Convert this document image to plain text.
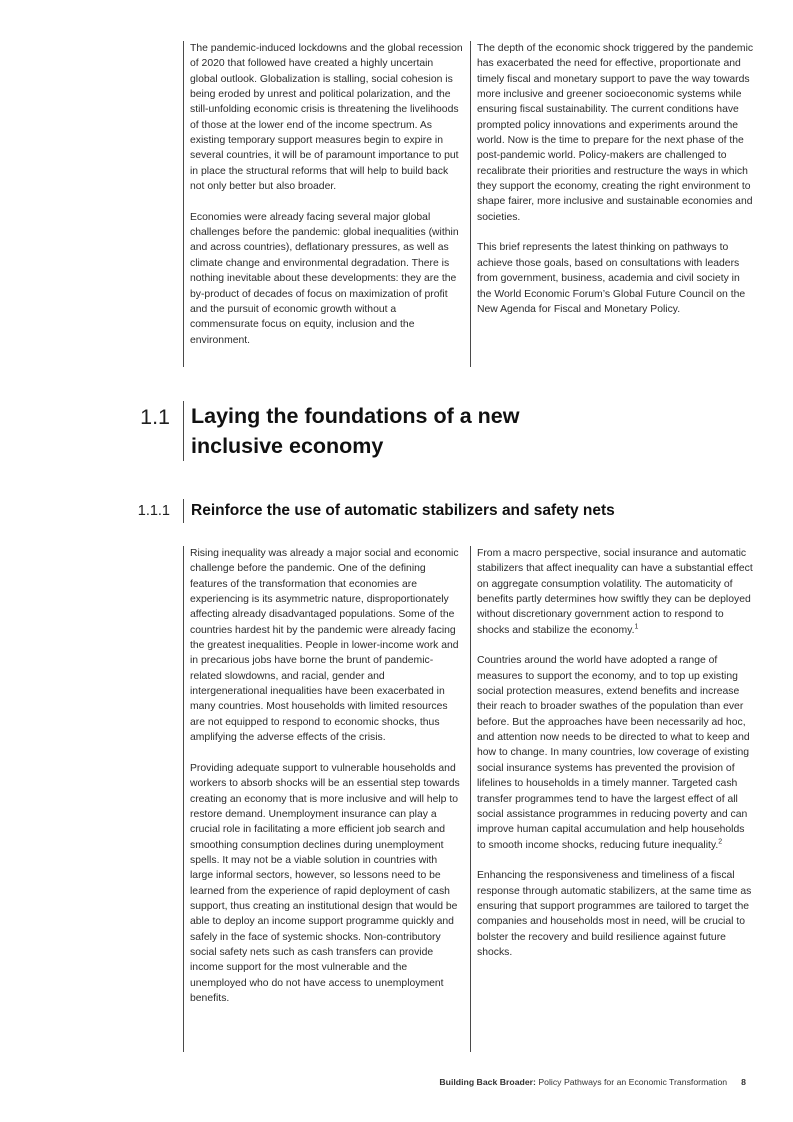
The pandemic-induced lockdowns and the global recession of 2020 that followed have created a highly uncertain global outlook. Globalization is stalling, social cohesion is being eroded by unrest and political polarization, and the still-unfolding economic crisis is threatening the livelihoods of those at the lower end of the income spectrum. As existing temporary support measures begin to expire in several countries, it will be of paramount importance to put in place the structural reforms that will help to build back not only better but also broader.

Economies were already facing several major global challenges before the pandemic: global inequalities (within and across countries), deflationary pressures, as well as climate change and environmental degradation. There is nothing inevitable about these developments: they are the by-product of decades of focus on maximization of profit and the pursuit of economic growth without a commensurate focus on equity, inclusion and the environment.

The depth of the economic shock triggered by the pandemic has exacerbated the need for effective, proportionate and timely fiscal and monetary support to pave the way towards more inclusive and greener socioeconomic systems while ensuring fiscal sustainability. The current conditions have prompted policy innovations and experiments around the world. Now is the time to prepare for the next phase of the post-pandemic world. Policy-makers are challenged to recalibrate their priorities and restructure the ways in which they support the economy, creating the right environment to shape fairer, more inclusive and sustainable economies and societies.

This brief represents the latest thinking on pathways to achieve those goals, based on consultations with leaders from government, business, academia and civil society in the World Economic Forum’s Global Future Council on the New Agenda for Fiscal and Monetary Policy.

1.1 Laying the foundations of a new inclusive economy
1.1.1	Reinforce the use of automatic stabilizers and safety nets

Rising inequality was already a major social and economic challenge before the pandemic. One of the defining features of the transformation that economies are experiencing is its asymmetric nature, disproportionately affecting already disadvantaged populations. Some of the countries hardest hit by the pandemic were already facing the greatest inequalities. People in lower-income work and in precarious jobs have borne the brunt of pandemic-related slowdowns, and racial, gender and intergenerational inequalities have been exacerbated in many countries. Most households with limited resources are not equipped to respond to economic shocks, thus amplifying the adverse effects of the crisis.

Providing adequate support to vulnerable households and workers to absorb shocks will be an essential step towards creating an economy that is more inclusive and will help to restore demand. Unemployment insurance can play a crucial role in facilitating a more efficient job search and smoothing consumption declines during unemployment spells. It may not be a viable solution in countries with large informal sectors, however, so lessons need to be learned from the experience of rapid deployment of cash support, thus creating an institutional design that would be able to deploy an income support programme quickly and safely in the face of systemic shocks. Non-contributory social safety nets such as cash transfers can provide income support for the most vulnerable and the unemployed who do not have access to unemployment benefits.

From a macro perspective, social insurance and automatic stabilizers that affect inequality can have a substantial effect on aggregate consumption volatility. The automaticity of benefits partly determines how swiftly they can be deployed without discretionary government action to respond to shocks and stabilize the economy.$^1$

Countries around the world have adopted a range of measures to support the economy, and to top up existing social protection measures, extend benefits and increase their reach to broader swathes of the population than ever before. But the approaches have been necessarily ad hoc, and attention now needs to be directed to what to keep and how to change. In many countries, low coverage of existing social insurance systems has prevented the provision of lifelines to households in a timely manner. Targeted cash transfer programmes tend to have the largest effect of all social assistance programmes in reducing poverty and can improve human capital accumulation and help households to smooth income shocks, reducing future inequality.$^2$

Enhancing the responsiveness and timeliness of a fiscal response through automatic stabilizers, at the same time as ensuring that support programmes are tailored to target the companies and households most in need, will be crucial to bolster the recovery and build resilience against future shocks.

Building Back Broader: Policy Pathways for an Economic Transformation 8
